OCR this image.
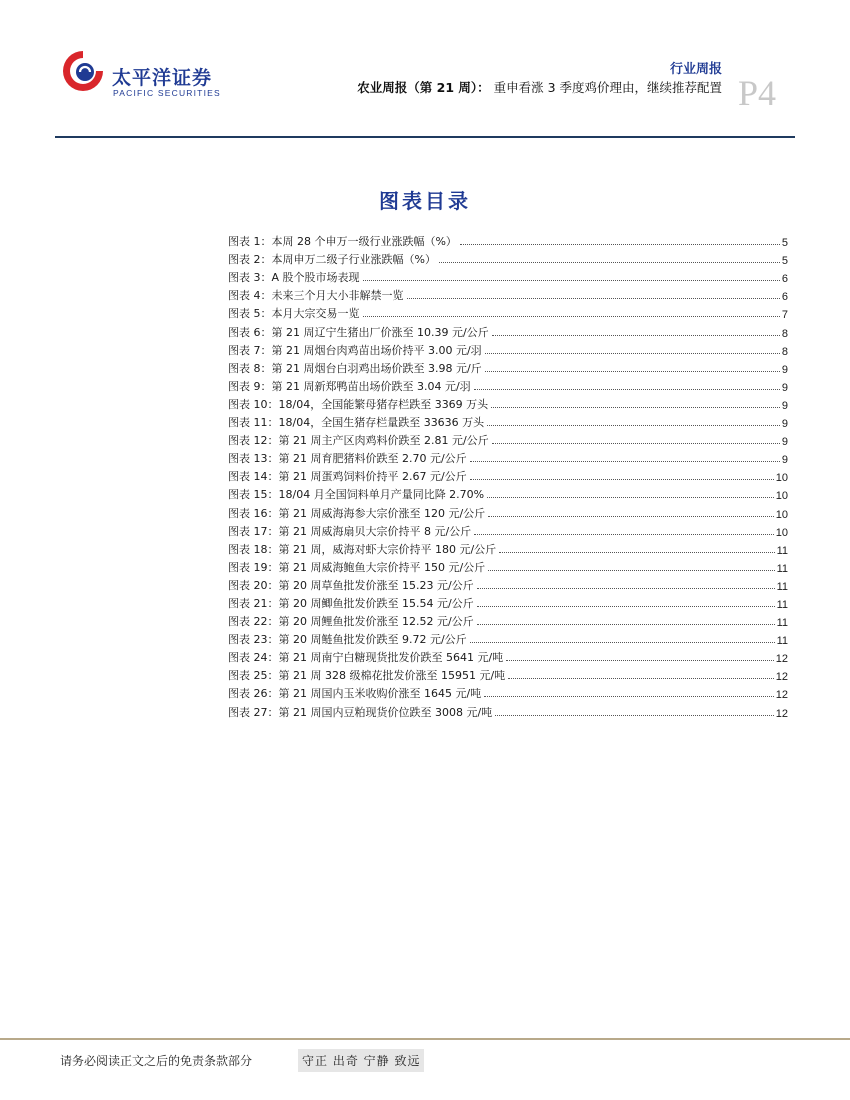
太平洋证券
PACIFIC SECURITIES
行业周报
农业周报（第 21 周）： 重申看涨 3 季度鸡价理由，继续推荐配置 P4
图表目录
图表 1：本周 28 个申万一级行业涨跌幅（%）	5
图表 2：本周申万二级子行业涨跌幅（%）	5
图表 3：A 股个股市场表现	6
图表 4：未来三个月大小非解禁一览	6
图表 5：本月大宗交易一览	7
图表 6：第 21 周辽宁生猪出厂价涨至 10.39 元/公斤	8
图表 7：第 21 周烟台肉鸡苗出场价持平 3.00 元/羽	8
图表 8：第 21 周烟台白羽鸡出场价跌至 3.98 元/斤	9
图表 9：第 21 周新郑鸭苗出场价跌至 3.04 元/羽	9
图表 10：18/04，全国能繁母猪存栏跌至 3369 万头	9
图表 11：18/04，全国生猪存栏量跌至 33636 万头	9
图表 12：第 21 周主产区肉鸡料价跌至 2.81 元/公斤	9
图表 13：第 21 周育肥猪料价跌至 2.70 元/公斤	9
图表 14：第 21 周蛋鸡饲料价持平 2.67 元/公斤	10
图表 15：18/04 月全国饲料单月产量同比降 2.70%	10
图表 16：第 21 周威海海参大宗价涨至 120 元/公斤	10
图表 17：第 21 周威海扇贝大宗价持平 8 元/公斤	10
图表 18：第 21 周，威海对虾大宗价持平 180 元/公斤	11
图表 19：第 21 周威海鲍鱼大宗价持平 150 元/公斤	11
图表 20：第 20 周草鱼批发价涨至 15.23 元/公斤	11
图表 21：第 20 周鲫鱼批发价跌至 15.54 元/公斤	11
图表 22：第 20 周鲤鱼批发价涨至 12.52 元/公斤	11
图表 23：第 20 周鲢鱼批发价跌至 9.72 元/公斤	11
图表 24：第 21 周南宁白糖现货批发价跌至 5641 元/吨	12
图表 25：第 21 周 328 级棉花批发价涨至 15951 元/吨	12
图表 26：第 21 周国内玉米收购价涨至 1645 元/吨	12
图表 27：第 21 周国内豆粕现货价位跌至 3008 元/吨	12
请务必阅读正文之后的免责条款部分	守正 出奇 宁静 致远
